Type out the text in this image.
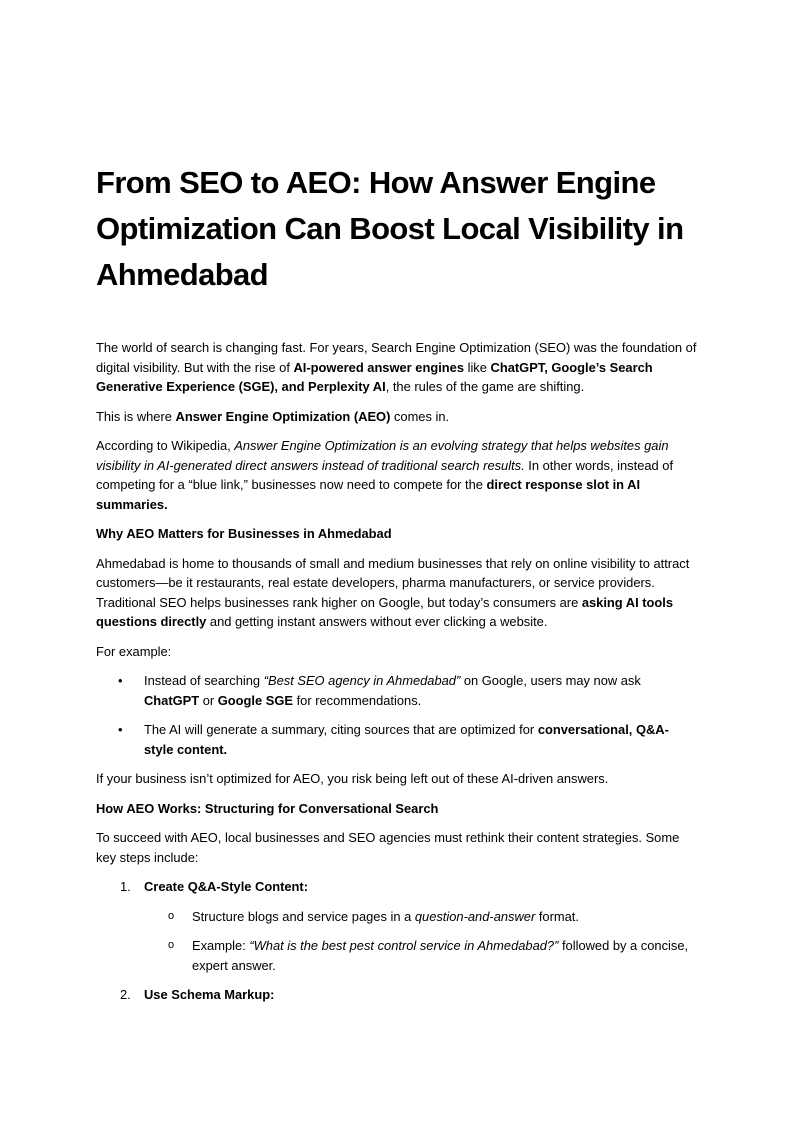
From SEO to AEO: How Answer Engine Optimization Can Boost Local Visibility in Ahmedabad

The world of search is changing fast. For years, Search Engine Optimization (SEO) was the foundation of digital visibility. But with the rise of AI-powered answer engines like ChatGPT, Google’s Search Generative Experience (SGE), and Perplexity AI, the rules of the game are shifting.

This is where Answer Engine Optimization (AEO) comes in.

According to Wikipedia, Answer Engine Optimization is an evolving strategy that helps websites gain visibility in AI-generated direct answers instead of traditional search results. In other words, instead of competing for a “blue link,” businesses now need to compete for the direct response slot in AI summaries.

Why AEO Matters for Businesses in Ahmedabad

Ahmedabad is home to thousands of small and medium businesses that rely on online visibility to attract customers—be it restaurants, real estate developers, pharma manufacturers, or service providers. Traditional SEO helps businesses rank higher on Google, but today’s consumers are asking AI tools questions directly and getting instant answers without ever clicking a website.

For example:

• Instead of searching “Best SEO agency in Ahmedabad” on Google, users may now ask ChatGPT or Google SGE for recommendations.
• The AI will generate a summary, citing sources that are optimized for conversational, Q&A-style content.

If your business isn’t optimized for AEO, you risk being left out of these AI-driven answers.

How AEO Works: Structuring for Conversational Search

To succeed with AEO, local businesses and SEO agencies must rethink their content strategies. Some key steps include:

1. Create Q&A-Style Content:
o Structure blogs and service pages in a question-and-answer format.
o Example: “What is the best pest control service in Ahmedabad?” followed by a concise, expert answer.
2. Use Schema Markup:
